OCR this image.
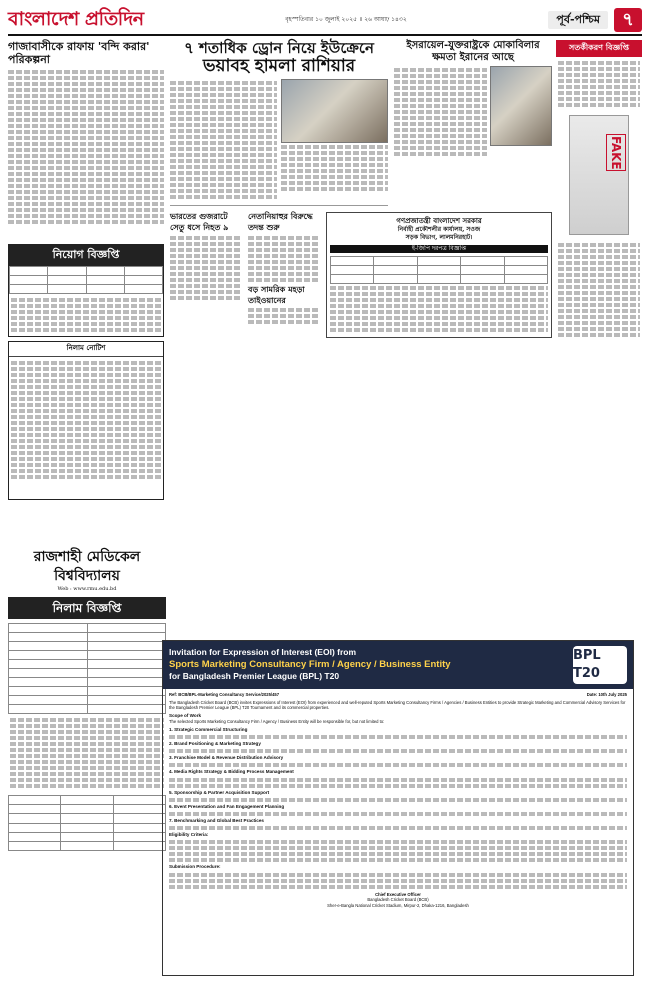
বাংলাদেশ প্রতিদিন	বৃহস্পতিবার ১০ জুলাই ২০২৫ ॥ ২৬ আষাঢ় ১৪৩২	পূর্ব-পশ্চিম	৭
গাজাবাসীকে রাফায় 'বন্দি করার' পরিকল্পনা
নিয়োগ বিজ্ঞপ্তি

নিলাম নোটিশ
৭ শতাধিক ড্রোন নিয়ে ইউক্রেনে
ভয়াবহ হামলা রাশিয়ার
ইসরায়েল-যুক্তরাষ্ট্রকে মোকাবিলার ক্ষমতা ইরানের আছে
ভারতের গুজরাটে সেতু ধসে নিহত ৯
নেতানিয়াহুর বিরুদ্ধে তদন্ত শুরু
বড় সামরিক মহড়া তাইওয়ানের
গণপ্রজাতন্ত্রী বাংলাদেশ সরকার
নির্বাহী প্রকৌশলীর কার্যালয়, সওজ
সড়ক বিভাগ, লালমনিরহাট।
ই-জিপি দরপত্র বিজ্ঞপ্তি

সতর্কীকরণ বিজ্ঞপ্তি
FAKE
রাজশাহী মেডিকেল বিশ্ববিদ্যালয়
Web : www.rmu.edu.bd
নিলাম বিজ্ঞপ্তি

Invitation for Expression of Interest (EOI) from
Sports Marketing Consultancy Firm / Agency / Business Entity
for Bangladesh Premier League (BPL) T20
BPL T20
Ref: BCB/BPL-Marketing Consultancy Service/2025/457	Date: 10th July 2025
The Bangladesh Cricket Board (BCB) invites Expressions of Interest (EOI) from experienced and well-reputed Sports Marketing Consultancy Firms / Agencies / Business Entities to provide Strategic Marketing and Commercial Advisory Services for the Bangladesh Premier League (BPL) T20 Tournament and its commercial properties.
Scope of Work
The selected Sports Marketing Consultancy Firm / Agency / Business Entity will be responsible for, but not limited to:
1. Strategic Commercial Structuring
2. Brand Positioning & Marketing Strategy
3. Franchise Model & Revenue Distribution Advisory
4. Media Rights Strategy & Bidding Process Management
5. Sponsorship & Partner Acquisition Support
6. Event Presentation and Fan Engagement Planning
7. Benchmarking and Global Best Practices
Eligibility Criteria:
Submission Procedure:
Chief Executive Officer
Bangladesh Cricket Board (BCB)
Sher-e-Bangla National Cricket Stadium, Mirpur-2, Dhaka-1216, Bangladesh
